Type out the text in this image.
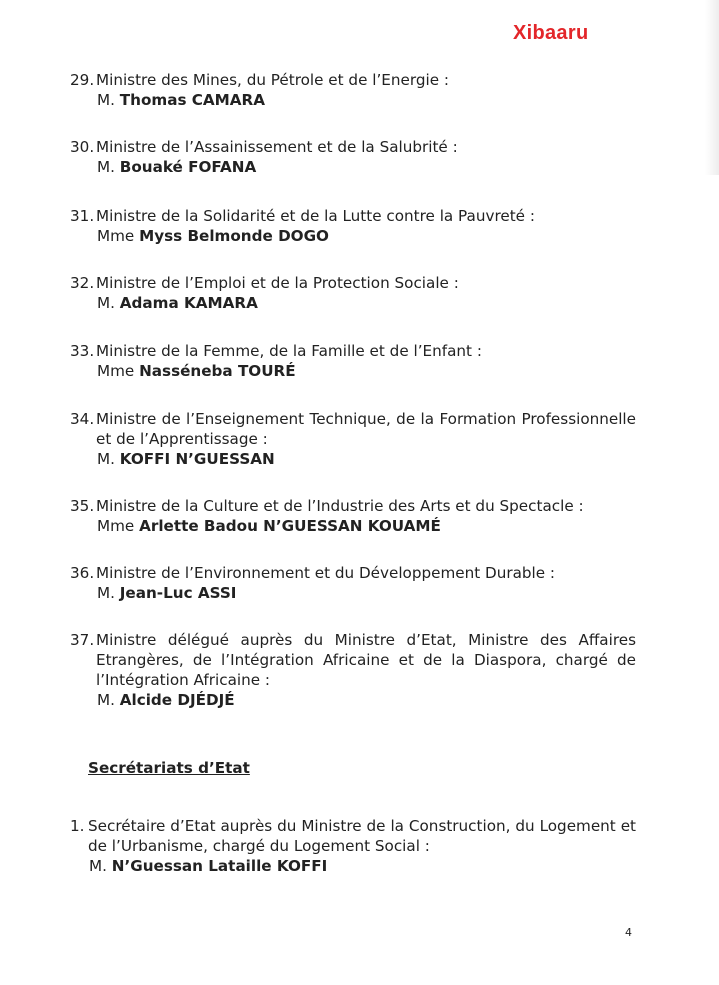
Xibaaru
29. Ministre des Mines, du Pétrole et de l’Energie :
M. Thomas CAMARA
30. Ministre de l’Assainissement et de la Salubrité :
M. Bouaké FOFANA
31. Ministre de la Solidarité et de la Lutte contre la Pauvreté :
Mme Myss Belmonde DOGO
32. Ministre de l’Emploi et de la Protection Sociale :
M. Adama KAMARA
33. Ministre de la Femme, de la Famille et de l’Enfant :
Mme Nasséneba TOURÉ
34. Ministre de l’Enseignement Technique, de la Formation Professionnelle et de l’Apprentissage :
M. KOFFI N’GUESSAN
35. Ministre de la Culture et de l’Industrie des Arts et du Spectacle :
Mme Arlette Badou N’GUESSAN KOUAMÉ
36. Ministre de l’Environnement et du Développement Durable :
M. Jean-Luc ASSI
37. Ministre délégué auprès du Ministre d’Etat, Ministre des Affaires Etrangères, de l’Intégration Africaine et de la Diaspora, chargé de l’Intégration Africaine :
M. Alcide DJÉDJÉ
Secrétariats d’Etat
1. Secrétaire d’Etat auprès du Ministre de la Construction, du Logement et de l’Urbanisme, chargé du Logement Social :
M. N’Guessan Lataille KOFFI
4
